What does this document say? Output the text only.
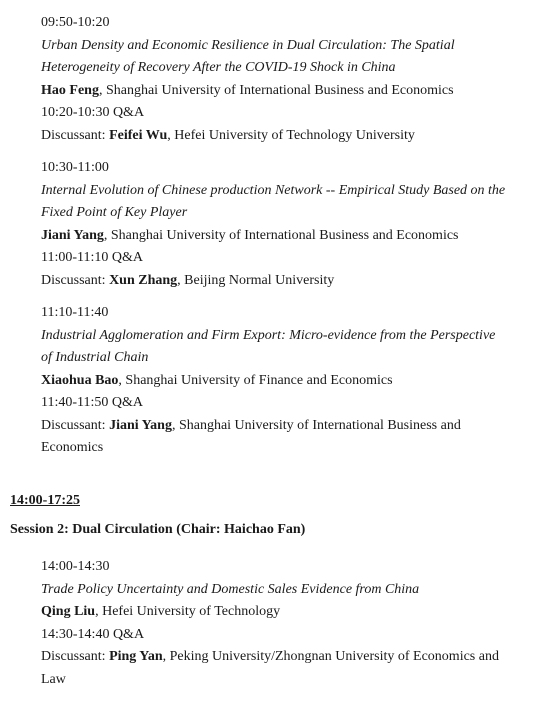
09:50-10:20
Urban Density and Economic Resilience in Dual Circulation: The Spatial
Heterogeneity of Recovery After the COVID-19 Shock in China
Hao Feng, Shanghai University of International Business and Economics
10:20-10:30 Q&A
Discussant: Feifei Wu, Hefei University of Technology University
10:30-11:00
Internal Evolution of Chinese production Network -- Empirical Study Based on the
Fixed Point of Key Player
Jiani Yang, Shanghai University of International Business and Economics
11:00-11:10 Q&A
Discussant: Xun Zhang, Beijing Normal University
11:10-11:40
Industrial Agglomeration and Firm Export: Micro-evidence from the Perspective
of Industrial Chain
Xiaohua Bao, Shanghai University of Finance and Economics
11:40-11:50 Q&A
Discussant: Jiani Yang, Shanghai University of International Business and
Economics
14:00-17:25
Session 2: Dual Circulation (Chair: Haichao Fan)
14:00-14:30
Trade Policy Uncertainty and Domestic Sales Evidence from China
Qing Liu, Hefei University of Technology
14:30-14:40 Q&A
Discussant: Ping Yan, Peking University/Zhongnan University of Economics and
Law
